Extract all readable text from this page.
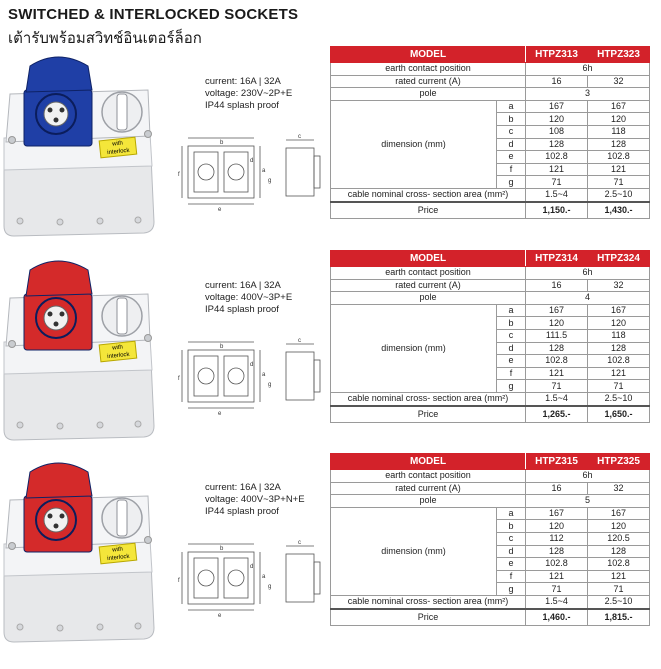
SWITCHED & INTERLOCKED SOCKETS
เต้ารับพร้อมสวิทช์อินเตอร์ล็อก
with
interlock
current: 16A | 32A
voltage: 230V~2P+E
IP44 splash proof
c
b
a
d
e
f
g
MODEL		HTPZ313	HTPZ323
earth contact position		6h	
rated current (A)		16	32
pole		3	
dimension (mm)	a	167	167
	b	120	120
	c	108	118
	d	128	128
	e	102.8	102.8
	f	121	121
	g	71	71
cable nominal cross- section area (mm²)		1.5~4	2.5~10
Price		1,150.-	1,430.-
with
interlock
current: 16A | 32A
voltage: 400V~3P+E
IP44 splash proof
c
b
a
d
e
f
g
MODEL		HTPZ314	HTPZ324
earth contact position		6h	
rated current (A)		16	32
pole		4	
dimension (mm)	a	167	167
	b	120	120
	c	111.5	118
	d	128	128
	e	102.8	102.8
	f	121	121
	g	71	71
cable nominal cross- section area (mm²)		1.5~4	2.5~10
Price		1,265.-	1,650.-
with
interlock
current: 16A | 32A
voltage: 400V~3P+N+E
IP44 splash proof
c
b
a
d
e
f
g
MODEL		HTPZ315	HTPZ325
earth contact position		6h	
rated current (A)		16	32
pole		5	
dimension (mm)	a	167	167
	b	120	120
	c	112	120.5
	d	128	128
	e	102.8	102.8
	f	121	121
	g	71	71
cable nominal cross- section area (mm²)		1.5~4	2.5~10
Price		1,460.-	1,815.-
